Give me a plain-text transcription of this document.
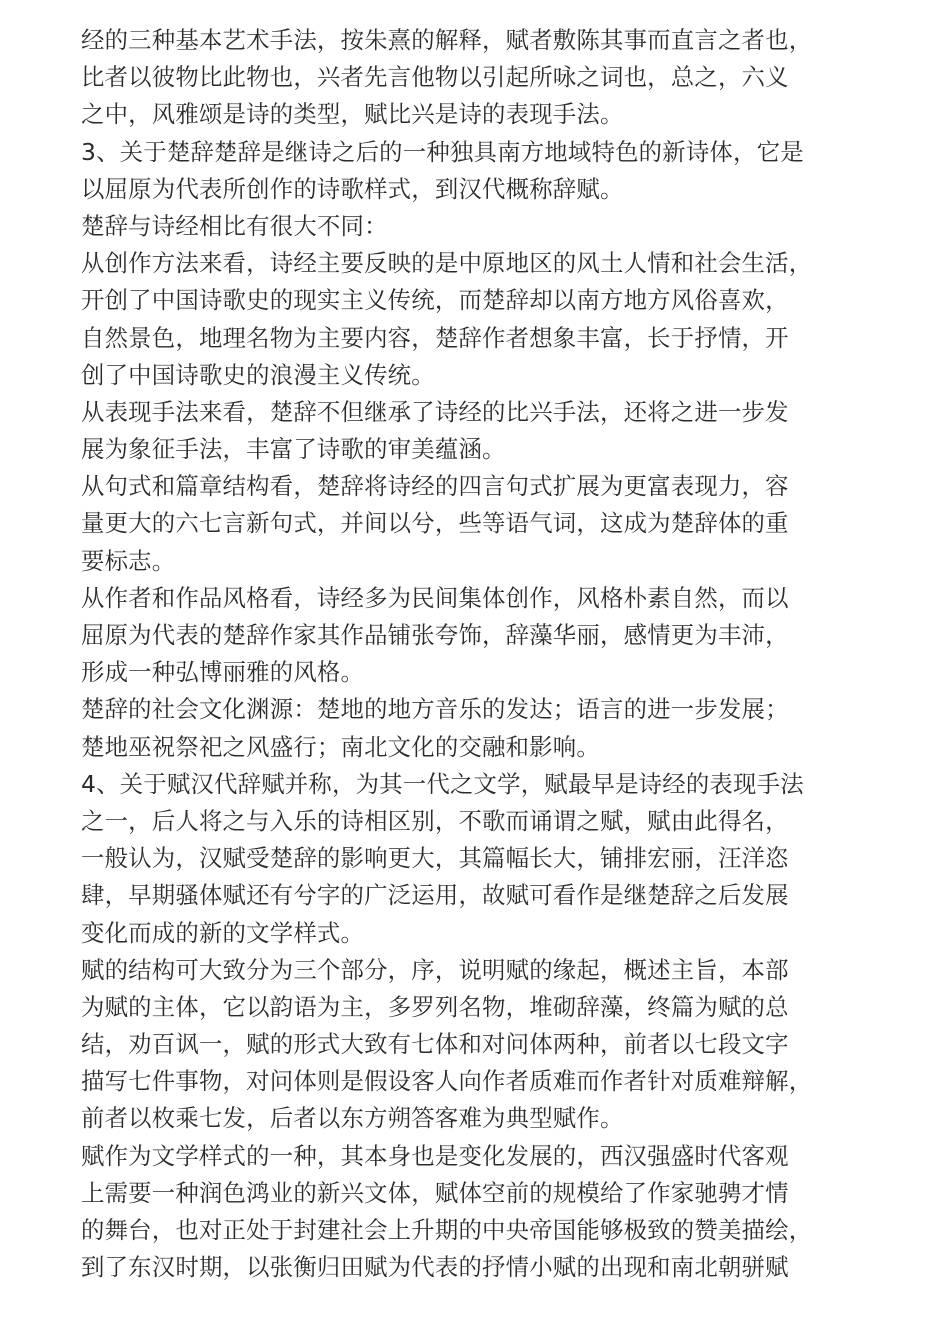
经的三种基本艺术手法，按朱熹的解释，赋者敷陈其事而直言之者也，
比者以彼物比此物也，兴者先言他物以引起所咏之词也，总之，六义
之中，风雅颂是诗的类型，赋比兴是诗的表现手法。
3、关于楚辞楚辞是继诗之后的一种独具南方地域特色的新诗体，它是
以屈原为代表所创作的诗歌样式，到汉代概称辞赋。
楚辞与诗经相比有很大不同：
从创作方法来看，诗经主要反映的是中原地区的风土人情和社会生活，
开创了中国诗歌史的现实主义传统，而楚辞却以南方地方风俗喜欢，
自然景色，地理名物为主要内容，楚辞作者想象丰富，长于抒情，开
创了中国诗歌史的浪漫主义传统。
从表现手法来看，楚辞不但继承了诗经的比兴手法，还将之进一步发
展为象征手法，丰富了诗歌的审美蕴涵。
从句式和篇章结构看，楚辞将诗经的四言句式扩展为更富表现力，容
量更大的六七言新句式，并间以兮，些等语气词，这成为楚辞体的重
要标志。
从作者和作品风格看，诗经多为民间集体创作，风格朴素自然，而以
屈原为代表的楚辞作家其作品铺张夸饰，辞藻华丽，感情更为丰沛，
形成一种弘博丽雅的风格。
楚辞的社会文化渊源：楚地的地方音乐的发达；语言的进一步发展；
楚地巫祝祭祀之风盛行；南北文化的交融和影响。
4、关于赋汉代辞赋并称，为其一代之文学，赋最早是诗经的表现手法
之一，后人将之与入乐的诗相区别，不歌而诵谓之赋，赋由此得名，
一般认为，汉赋受楚辞的影响更大，其篇幅长大，铺排宏丽，汪洋恣
肆，早期骚体赋还有兮字的广泛运用，故赋可看作是继楚辞之后发展
变化而成的新的文学样式。
赋的结构可大致分为三个部分，序，说明赋的缘起，概述主旨，本部
为赋的主体，它以韵语为主，多罗列名物，堆砌辞藻，终篇为赋的总
结，劝百讽一，赋的形式大致有七体和对问体两种，前者以七段文字
描写七件事物，对问体则是假设客人向作者质难而作者针对质难辩解，
前者以枚乘七发，后者以东方朔答客难为典型赋作。
赋作为文学样式的一种，其本身也是变化发展的，西汉强盛时代客观
上需要一种润色鸿业的新兴文体，赋体空前的规模给了作家驰骋才情
的舞台，也对正处于封建社会上升期的中央帝国能够极致的赞美描绘，
到了东汉时期，以张衡归田赋为代表的抒情小赋的出现和南北朝骈赋
